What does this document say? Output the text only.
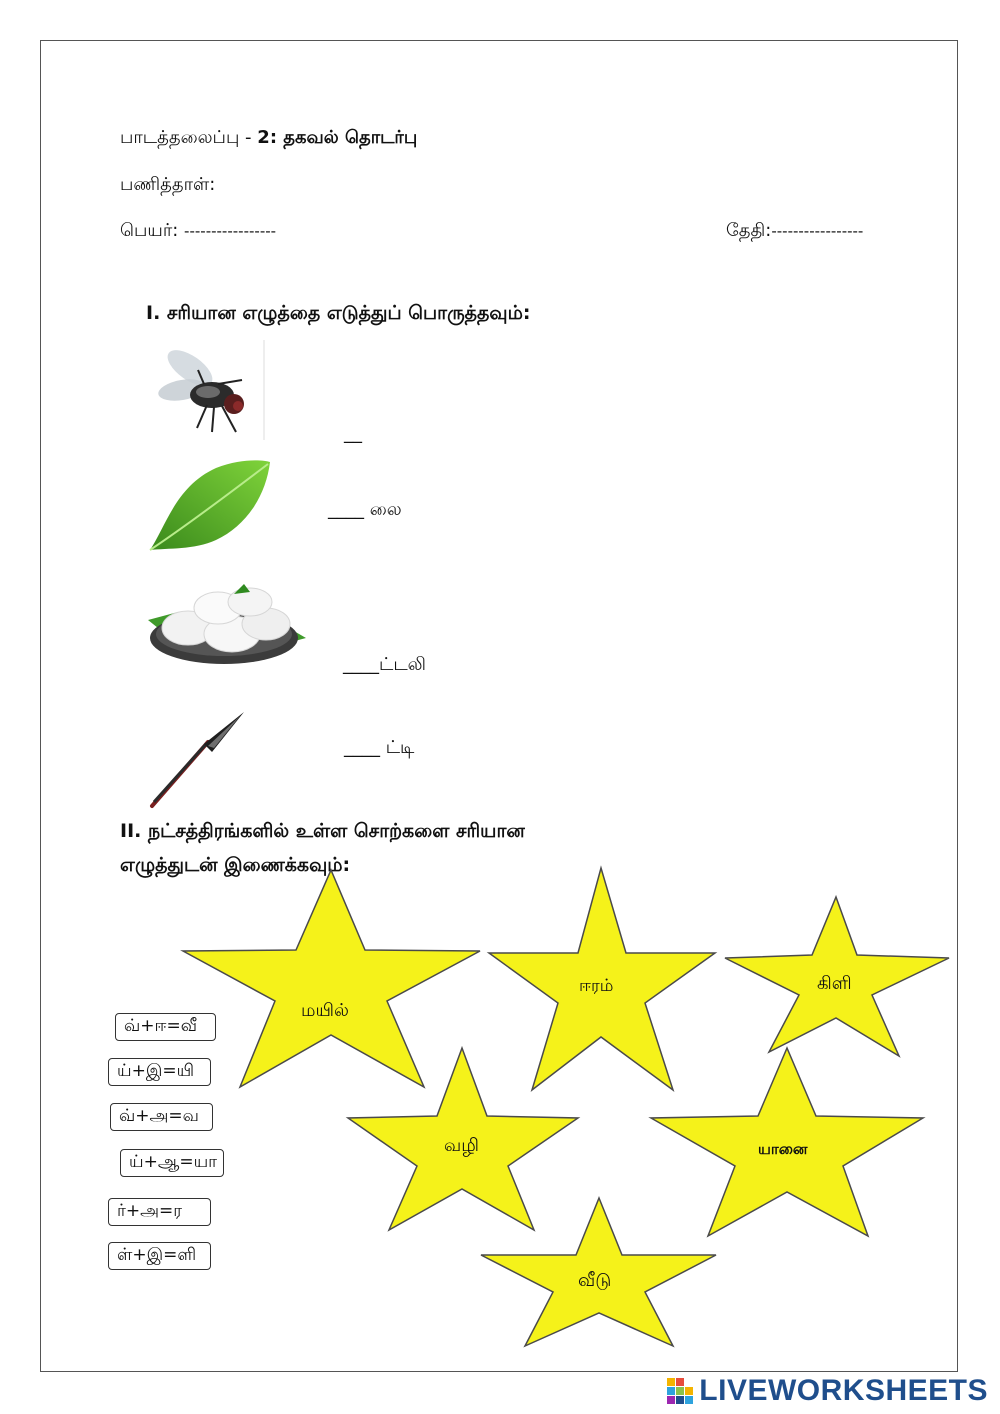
பாடத்தலைப்பு - 2: தகவல் தொடர்பு
பணித்தாள்:
பெயர்: -----------------	தேதி:-----------------
I. சரியான எழுத்தை எடுத்துப் பொருத்தவும்:
__
____ லை
____ட்டலி
____ ட்டி
II. நட்சத்திரங்களில் உள்ள சொற்களை சரியான
எழுத்துடன் இணைக்கவும்:
மயில்
ஈரம்	கிளி
வழி	யானை
வீடு
வ்+ஈ=வீ
ய்+இ=யி
வ்+அ=வ
ய்+ஆ=யா
ர்+அ=ர
ள்+இ=ளி
LIVEWORKSHEETS
